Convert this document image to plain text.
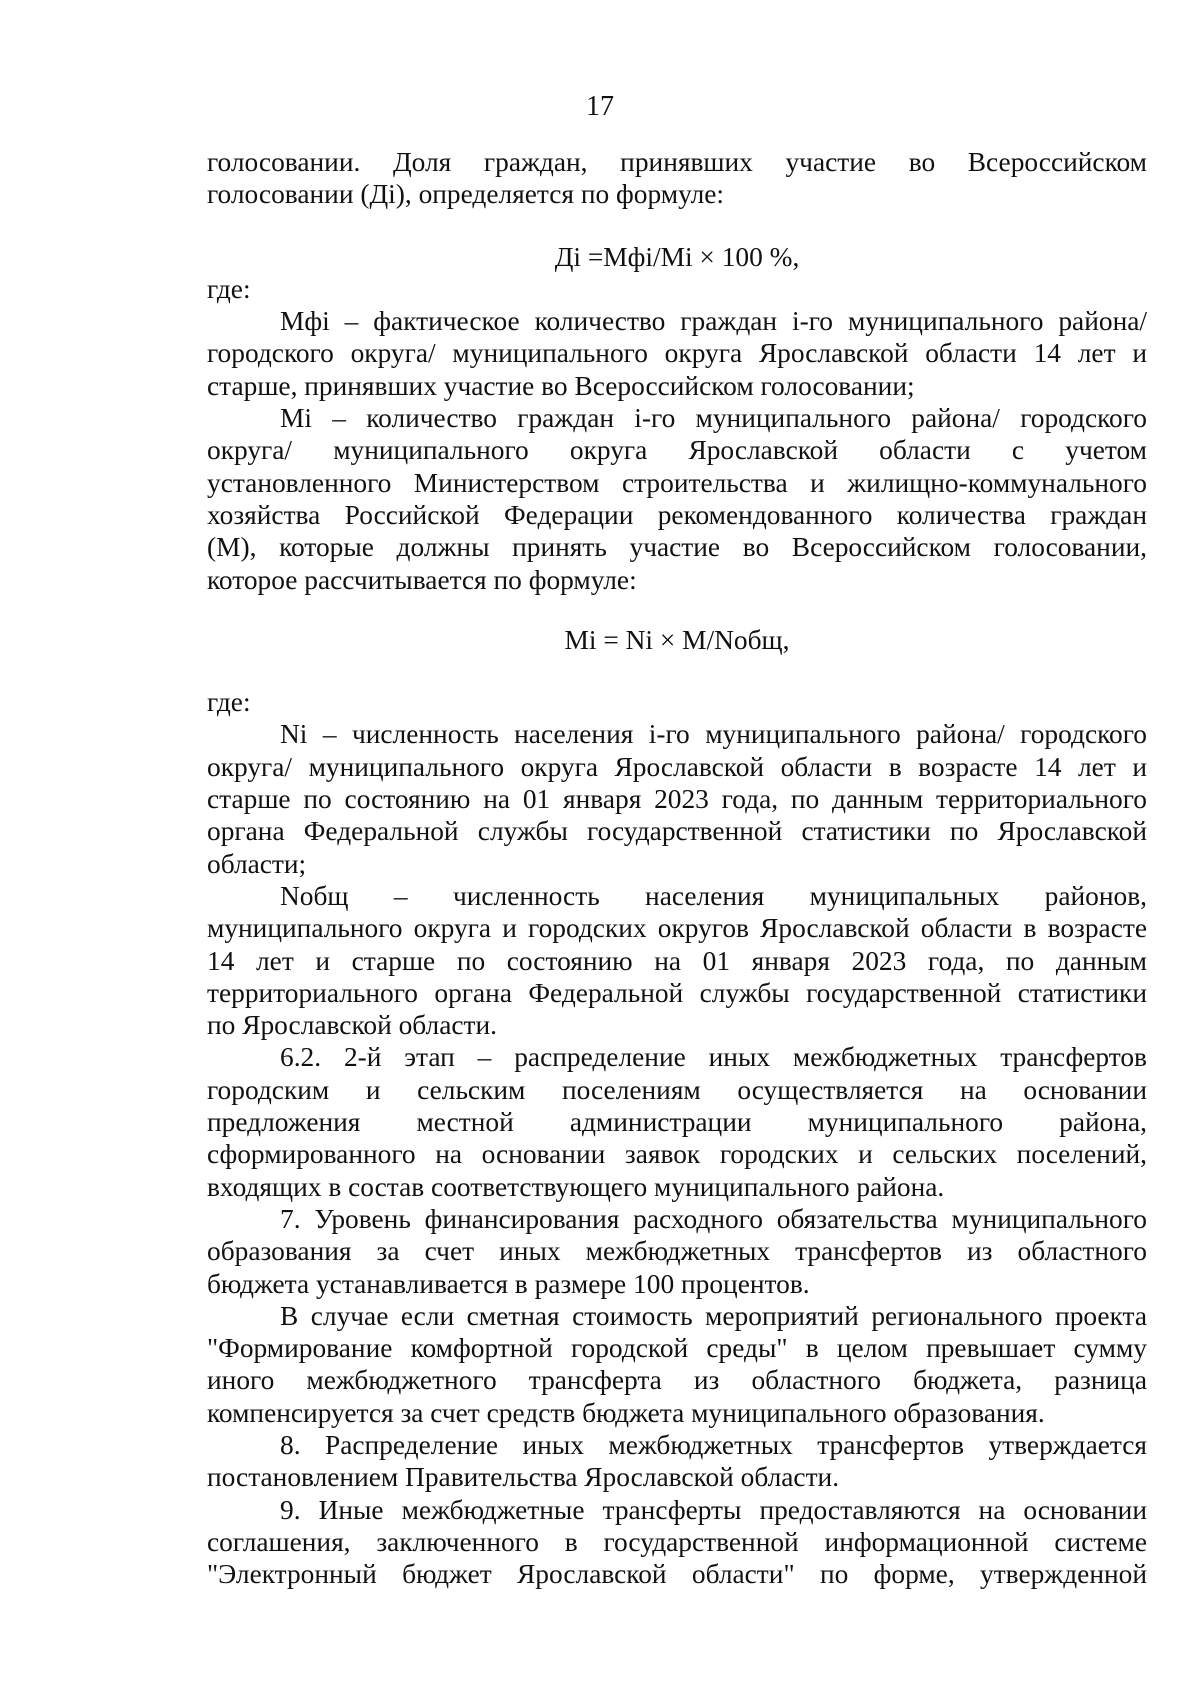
17

голосовании. Доля граждан, принявших участие во Всероссийском

голосовании (Дi), определяется по формуле:

Дi =Мфi/Мi × 100 %,

где:

Мфi – фактическое количество граждан i-го муниципального района/

городского округа/ муниципального округа Ярославской области 14 лет и

старше, принявших участие во Всероссийском голосовании;

Мi – количество граждан i-го муниципального района/ городского

округа/ муниципального округа Ярославской области с учетом

установленного Министерством строительства и жилищно-коммунального

хозяйства Российской Федерации рекомендованного количества граждан

(М), которые должны принять участие во Всероссийском голосовании,

которое рассчитывается по формуле:

Мi = Ni × М/Nобщ,

где:

Ni – численность населения i-го муниципального района/ городского

округа/ муниципального округа Ярославской области в возрасте 14 лет и

старше по состоянию на 01 января 2023 года, по данным территориального

органа Федеральной службы государственной статистики по Ярославской

области;

Nобщ – численность населения муниципальных районов,

муниципального округа и городских округов Ярославской области в возрасте

14 лет и старше по состоянию на 01 января 2023 года, по данным

территориального органа Федеральной службы государственной статистики

по Ярославской области.

6.2. 2-й этап – распределение иных межбюджетных трансфертов

городским и сельским поселениям осуществляется на основании

предложения местной администрации муниципального района,

сформированного на основании заявок городских и сельских поселений,

входящих в состав соответствующего муниципального района.

7. Уровень финансирования расходного обязательства муниципального

образования за счет иных межбюджетных трансфертов из областного

бюджета устанавливается в размере 100 процентов.

В случае если сметная стоимость мероприятий регионального проекта

"Формирование комфортной городской среды" в целом превышает сумму

иного межбюджетного трансферта из областного бюджета, разница

компенсируется за счет средств бюджета муниципального образования.

8. Распределение иных межбюджетных трансфертов утверждается

постановлением Правительства Ярославской области.

9. Иные межбюджетные трансферты предоставляются на основании

соглашения, заключенного в государственной информационной системе

"Электронный бюджет Ярославской области" по форме, утвержденной
